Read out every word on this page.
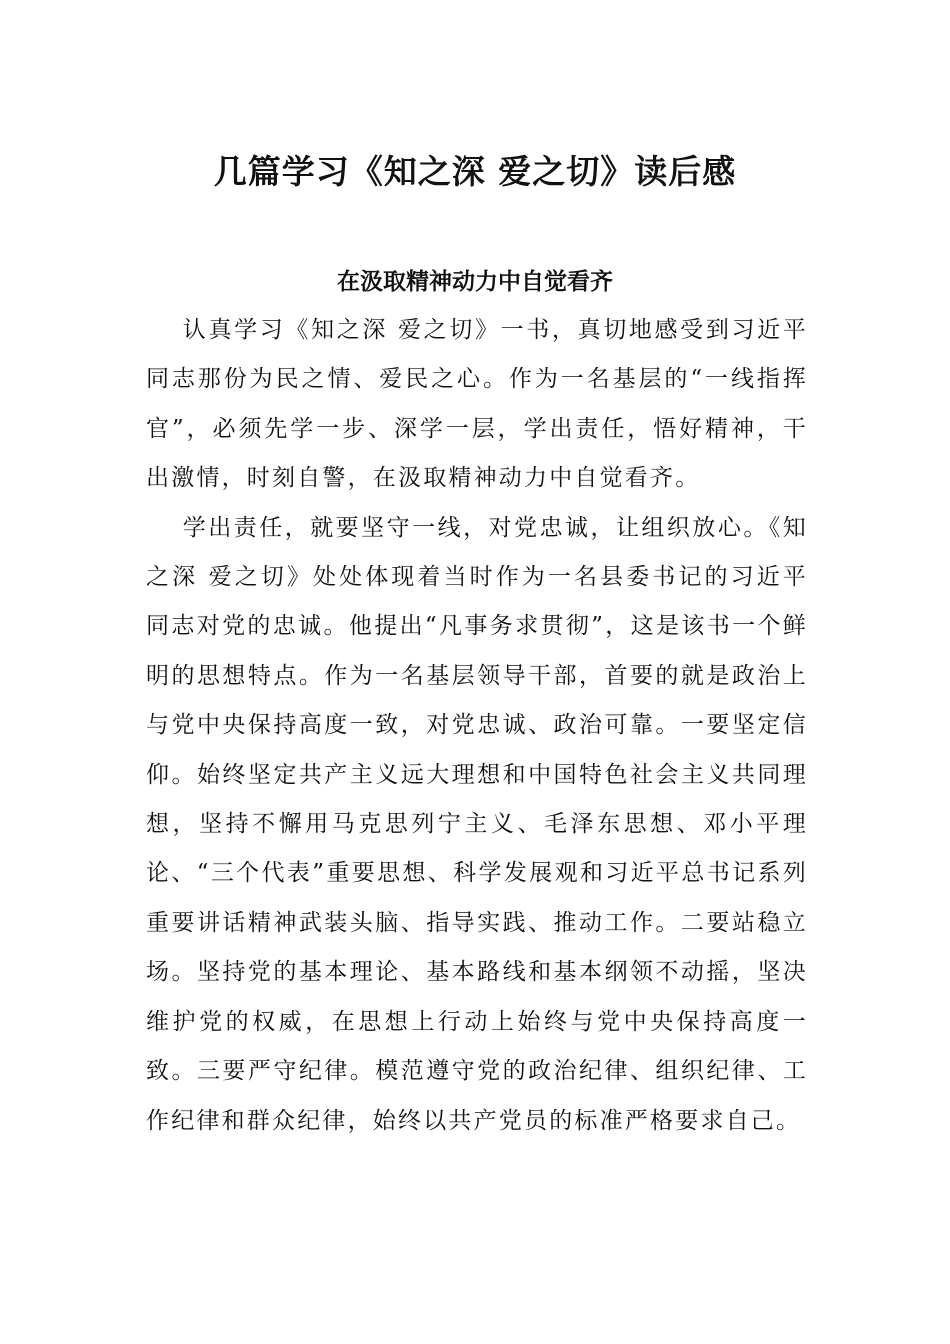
几篇学习《知之深 爱之切》读后感
在汲取精神动力中自觉看齐

认真学习《知之深 爱之切》一书，真切地感受到习近平同志那份为民之情、爱民之心。作为一名基层的“一线指挥官”，必须先学一步、深学一层，学出责任，悟好精神，干出激情，时刻自警，在汲取精神动力中自觉看齐。

学出责任，就要坚守一线，对党忠诚，让组织放心。《知之深 爱之切》处处体现着当时作为一名县委书记的习近平同志对党的忠诚。他提出“凡事务求贯彻”，这是该书一个鲜明的思想特点。作为一名基层领导干部，首要的就是政治上与党中央保持高度一致，对党忠诚、政治可靠。一要坚定信仰。始终坚定共产主义远大理想和中国特色社会主义共同理想，坚持不懈用马克思列宁主义、毛泽东思想、邓小平理论、“三个代表”重要思想、科学发展观和习近平总书记系列重要讲话精神武装头脑、指导实践、推动工作。二要站稳立场。坚持党的基本理论、基本路线和基本纲领不动摇，坚决维护党的权威，在思想上行动上始终与党中央保持高度一致。三要严守纪律。模范遵守党的政治纪律、组织纪律、工作纪律和群众纪律，始终以共产党员的标准严格要求自己。
